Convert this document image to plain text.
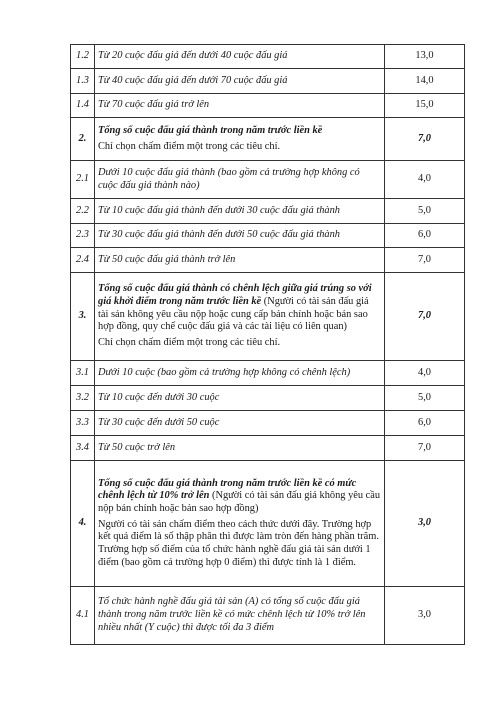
1.2	Từ 20 cuộc đấu giá đến dưới 40 cuộc đấu giá	13,0
1.3	Từ 40 cuộc đấu giá đến dưới 70 cuộc đấu giá	14,0
1.4	Từ 70 cuộc đấu giá trở lên	15,0
2.	Tổng số cuộc đấu giá thành trong năm trước liền kề
Chỉ chọn chấm điểm một trong các tiêu chí.	7,0
2.1	Dưới 10 cuộc đấu giá thành (bao gồm cả trường hợp không có cuộc đấu giá thành nào)	4,0
2.2	Từ 10 cuộc đấu giá thành đến dưới 30 cuộc đấu giá thành	5,0
2.3	Từ 30 cuộc đấu giá thành đến dưới 50 cuộc đấu giá thành	6,0
2.4	Từ 50 cuộc đấu giá thành trở lên	7,0
3.	Tổng số cuộc đấu giá thành có chênh lệch giữa giá trúng so với giá khởi điểm trong năm trước liền kề (Người có tài sản đấu giá tài sản không yêu cầu nộp hoặc cung cấp bản chính hoặc bản sao hợp đồng, quy chế cuộc đấu giá và các tài liệu có liên quan)
Chỉ chọn chấm điểm một trong các tiêu chí.	7,0
3.1	Dưới 10 cuộc (bao gồm cả trường hợp không có chênh lệch)	4,0
3.2	Từ 10 cuộc đến dưới 30 cuộc	5,0
3.3	Từ 30 cuộc đến dưới 50 cuộc	6,0
3.4	Từ 50 cuộc trở lên	7,0
4.	Tổng số cuộc đấu giá thành trong năm trước liền kề có mức chênh lệch từ 10% trở lên (Người có tài sản đấu giá không yêu cầu nộp bản chính hoặc bản sao hợp đồng)
Người có tài sản chấm điểm theo cách thức dưới đây. Trường hợp kết quả điểm là số thập phân thì được làm tròn đến hàng phần trăm. Trường hợp số điểm của tổ chức hành nghề đấu giá tài sản dưới 1 điểm (bao gồm cả trường hợp 0 điểm) thì được tính là 1 điểm.	3,0
4.1	Tổ chức hành nghề đấu giá tài sản (A) có tổng số cuộc đấu giá thành trong năm trước liền kề có mức chênh lệch từ 10% trở lên nhiều nhất (Y cuộc) thì được tối đa 3 điểm	3,0
